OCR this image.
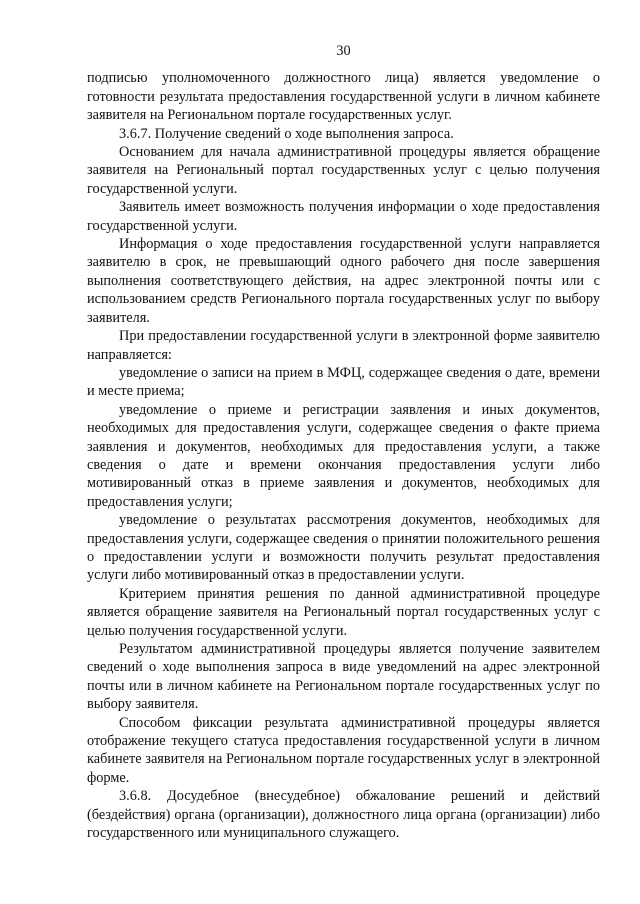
30

подписью уполномоченного должностного лица) является уведомление о готовности результата предоставления государственной услуги в личном кабинете заявителя на Региональном портале государственных услуг.

3.6.7. Получение сведений о ходе выполнения запроса.

Основанием для начала административной процедуры является обращение заявителя на Региональный портал государственных услуг с целью получения государственной услуги.

Заявитель имеет возможность получения информации о ходе предоставления государственной услуги.

Информация о ходе предоставления государственной услуги направляется заявителю в срок, не превышающий одного рабочего дня после завершения выполнения соответствующего действия, на адрес электронной почты или с использованием средств Регионального портала государственных услуг по выбору заявителя.

При предоставлении государственной услуги в электронной форме заявителю направляется:

уведомление о записи на прием в МФЦ, содержащее сведения о дате, времени и месте приема;

уведомление о приеме и регистрации заявления и иных документов, необходимых для предоставления услуги, содержащее сведения о факте приема заявления и документов, необходимых для предоставления услуги, а также сведения о дате и времени окончания предоставления услуги либо мотивированный отказ в приеме заявления и документов, необходимых для предоставления услуги;

уведомление о результатах рассмотрения документов, необходимых для предоставления услуги, содержащее сведения о принятии положительного решения о предоставлении услуги и возможности получить результат предоставления услуги либо мотивированный отказ в предоставлении услуги.

Критерием принятия решения по данной административной процедуре является обращение заявителя на Региональный портал государственных услуг с целью получения государственной услуги.

Результатом административной процедуры является получение заявителем сведений о ходе выполнения запроса в виде уведомлений на адрес электронной почты или в личном кабинете на Региональном портале государственных услуг по выбору заявителя.

Способом фиксации результата административной процедуры является отображение текущего статуса предоставления государственной услуги в личном кабинете заявителя на Региональном портале государственных услуг в электронной форме.

3.6.8. Досудебное (внесудебное) обжалование решений и действий (бездействия) органа (организации), должностного лица органа (организации) либо государственного или муниципального служащего.
